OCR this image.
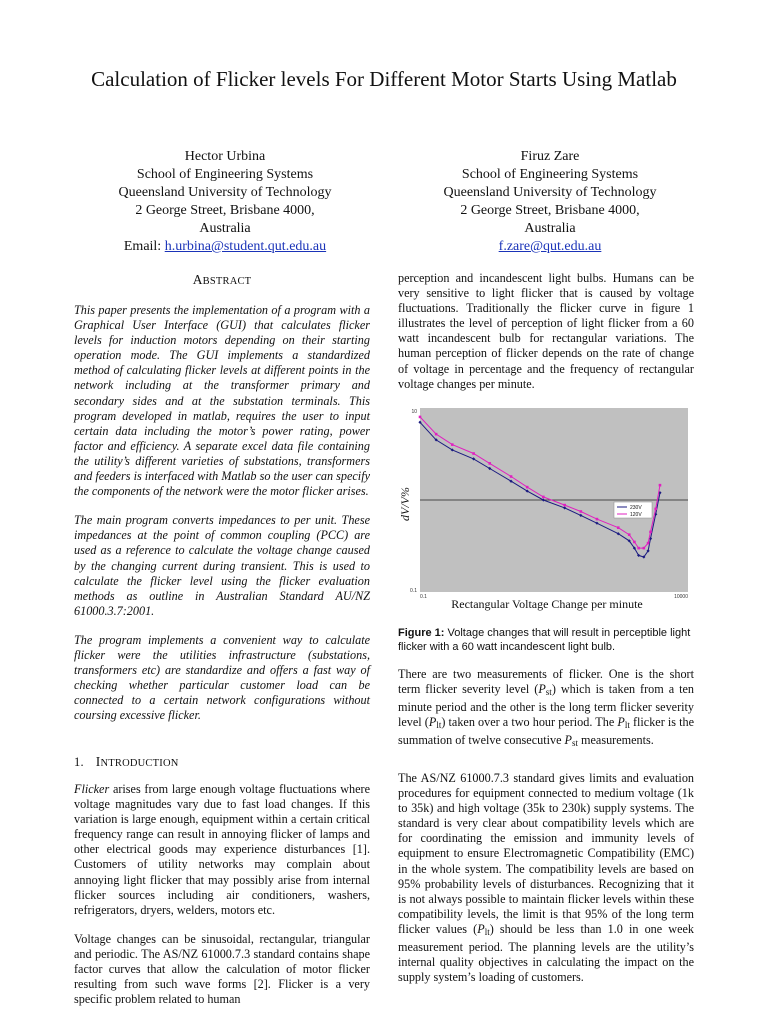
Calculation of Flicker levels For Different Motor Starts Using Matlab
Hector Urbina
School of Engineering Systems
Queensland University of Technology
2 George Street, Brisbane 4000,
Australia
Email: h.urbina@student.qut.edu.au
Firuz Zare
School of Engineering Systems
Queensland University of Technology
2 George Street, Brisbane 4000,
Australia
f.zare@qut.edu.au
ABSTRACT

This paper presents the implementation of a program with a Graphical User Interface (GUI) that calculates flicker levels for induction motors depending on their starting operation mode. The GUI implements a standardized method of calculating flicker levels at different points in the network including at the transformer primary and secondary sides and at the substation terminals. This program developed in matlab, requires the user to input certain data including the motor’s power rating, power factor and efficiency. A separate excel data file containing the utility’s different varieties of substations, transformers and feeders is interfaced with Matlab so the user can specify the components of the network were the motor flicker arises.

The main program converts impedances to per unit. These impedances at the point of common coupling (PCC) are used as a reference to calculate the voltage change caused by the changing current during transient. This is used to calculate the flicker level using the flicker evaluation methods as outline in Australian Standard AU/NZ 61000.3.7:2001.

The program implements a convenient way to calculate flicker were the utilities infrastructure (substations, transformers etc) are standardize and offers a fast way of checking whether particular customer load can be connected to a certain network configurations without coursing excessive flicker.

1. INTRODUCTION

Flicker arises from large enough voltage fluctuations where voltage magnitudes vary due to fast load changes. If this variation is large enough, equipment within a certain critical frequency range can result in annoying flicker of lamps and other electrical goods may experience disturbances [1]. Customers of utility networks may complain about annoying light flicker that may possibly arise from internal flicker sources including air conditioners, washers, refrigerators, dryers, welders, motors etc.

Voltage changes can be sinusoidal, rectangular, triangular and periodic. The AS/NZ 61000.7.3 standard contains shape factor curves that allow the calculation of motor flicker resulting from such wave forms [2]. Flicker is a very specific problem related to human

perception and incandescent light bulbs. Humans can be very sensitive to light flicker that is caused by voltage fluctuations. Traditionally the flicker curve in figure 1 illustrates the level of perception of light flicker from a 60 watt incandescent bulb for rectangular variations. The human perception of flicker depends on the rate of change of voltage in percentage and the frequency of rectangular voltage changes per minute.
230V
120V
dV/V%
Rectangular Voltage Change per minute
10
0.1
0.1	10000
Figure 1: Voltage changes that will result in perceptible light flicker with a 60 watt incandescent light bulb.
There are two measurements of flicker. One is the short term flicker severity level $(P_{st})$ which is taken from a ten minute period and the other is the long term flicker severity level $(P_{lt})$ taken over a two hour period. The $P_{lt}$ flicker is the summation of twelve consecutive $P_{st}$ measurements.
The AS/NZ 61000.7.3 standard gives limits and evaluation procedures for equipment connected to medium voltage (1k to 35k) and high voltage (35k to 230k) supply systems. The standard is very clear about compatibility levels which are for coordinating the emission and immunity levels of equipment to ensure Electromagnetic Compatibility (EMC) in the whole system. The compatibility levels are based on 95% probability levels of disturbances. Recognizing that it is not always possible to maintain flicker levels within these compatibility levels, the limit is that 95% of the long term flicker values $(P_{lt})$ should be less than 1.0 in one week measurement period. The planning levels are the utility’s internal quality objectives in calculating the impact on the supply system’s loading of customers.
